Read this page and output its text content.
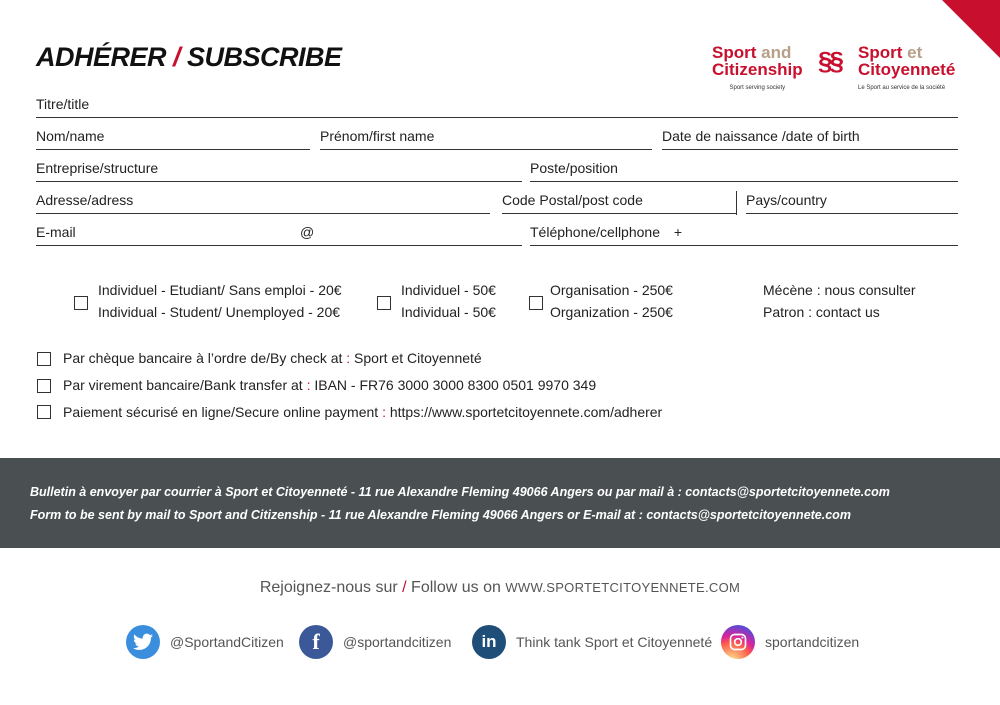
ADHÉRER / SUBSCRIBE	Sport and
Citizenship
Sport serving society
§§ Sport et
Citoyenneté
Le Sport au service de la société
Titre/title
Nom/name	Prénom/first name	Date de naissance /date of birth
Entreprise/structure	Poste/position
Adresse/adress	Code Postal/post code	Pays/country
E-mail	@	Téléphone/cellphone +
Individuel - Etudiant/ Sans emploi - 20€
Individual - Student/ Unemployed - 20€
Individuel - 50€
Individual - 50€
Organisation - 250€
Organization - 250€
Mécène : nous consulter
Patron : contact us
Par chèque bancaire à l’ordre de/By check at : Sport et Citoyenneté
Par virement bancaire/Bank transfer at : IBAN - FR76 3000 3000 8300 0501 9970 349
Paiement sécurisé en ligne/Secure online payment : https://www.sportetcitoyennete.com/adherer

Bulletin à envoyer par courrier à Sport et Citoyenneté - 11 rue Alexandre Fleming 49066 Angers ou par mail à : contacts@sportetcitoyennete.com

Form to be sent by mail to Sport and Citizenship - 11 rue Alexandre Fleming 49066 Angers or E-mail at : contacts@sportetcitoyennete.com

Rejoignez-nous sur / Follow us on WWW.SPORTETCITOYENNETE.COM
@SportandCitizen	f	@sportandcitizen in Think tank Sport et Citoyenneté	sportandcitizen
